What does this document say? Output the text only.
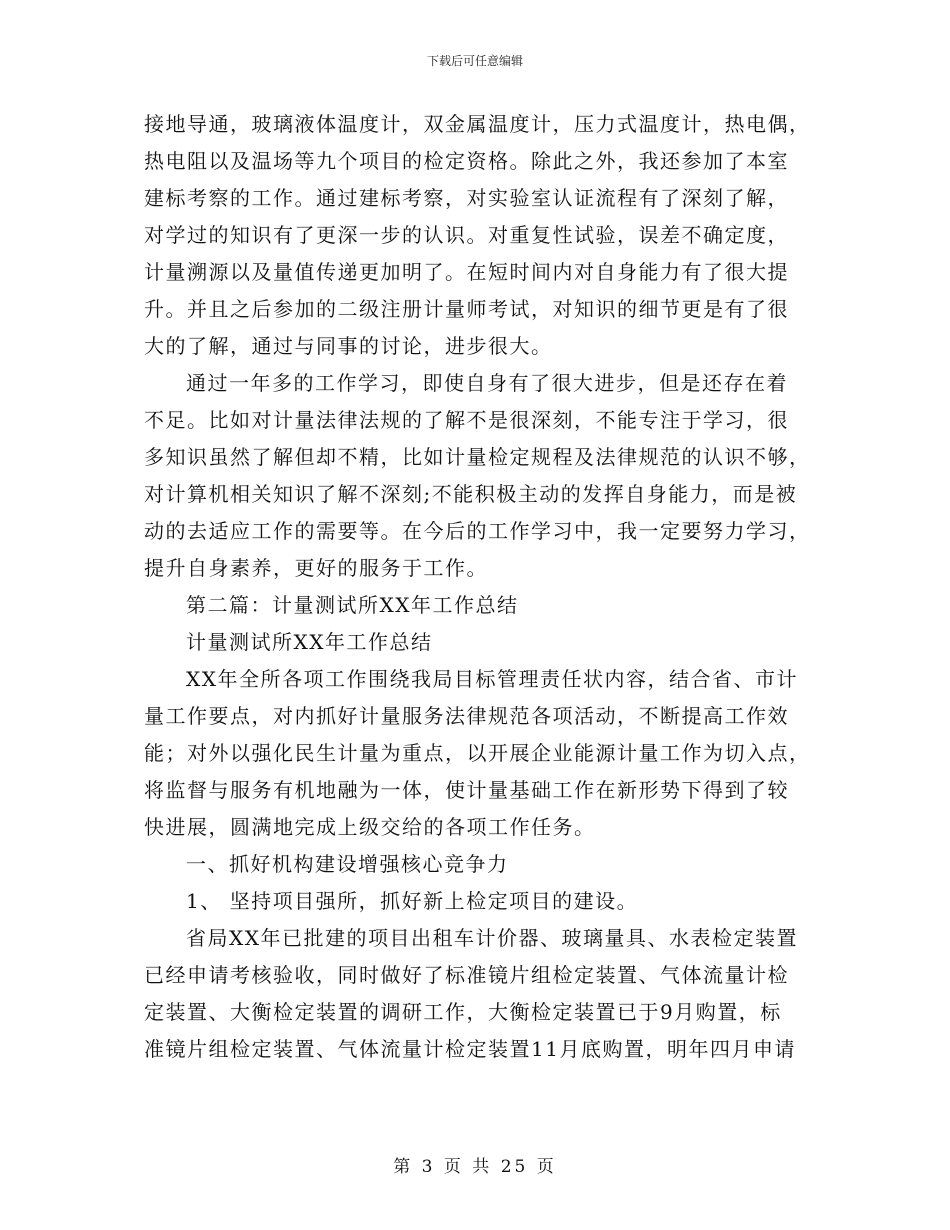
下载后可任意编辑
接地导通，玻璃液体温度计，双金属温度计，压力式温度计，热电偶，
热电阻以及温场等九个项目的检定资格。除此之外，我还参加了本室
建标考察的工作。通过建标考察，对实验室认证流程有了深刻了解，
对学过的知识有了更深一步的认识。对重复性试验，误差不确定度，
计量溯源以及量值传递更加明了。在短时间内对自身能力有了很大提
升。并且之后参加的二级注册计量师考试，对知识的细节更是有了很
大的了解，通过与同事的讨论，进步很大。
通过一年多的工作学习，即使自身有了很大进步，但是还存在着
不足。比如对计量法律法规的了解不是很深刻，不能专注于学习，很
多知识虽然了解但却不精，比如计量检定规程及法律规范的认识不够，
对计算机相关知识了解不深刻;不能积极主动的发挥自身能力，而是被
动的去适应工作的需要等。在今后的工作学习中，我一定要努力学习，
提升自身素养，更好的服务于工作。
第二篇：计量测试所XX年工作总结
计量测试所XX年工作总结
XX年全所各项工作围绕我局目标管理责任状内容，结合省、市计
量工作要点，对内抓好计量服务法律规范各项活动，不断提高工作效
能；对外以强化民生计量为重点，以开展企业能源计量工作为切入点，
将监督与服务有机地融为一体，使计量基础工作在新形势下得到了较
快进展，圆满地完成上级交给的各项工作任务。
一、抓好机构建设增强核心竞争力
1、 坚持项目强所，抓好新上检定项目的建设。
省局XX年已批建的项目出租车计价器、玻璃量具、水表检定装置
已经申请考核验收，同时做好了标准镜片组检定装置、气体流量计检
定装置、大衡检定装置的调研工作，大衡检定装置已于9月购置，标
准镜片组检定装置、气体流量计检定装置11月底购置，明年四月申请
第 3 页 共 25 页
